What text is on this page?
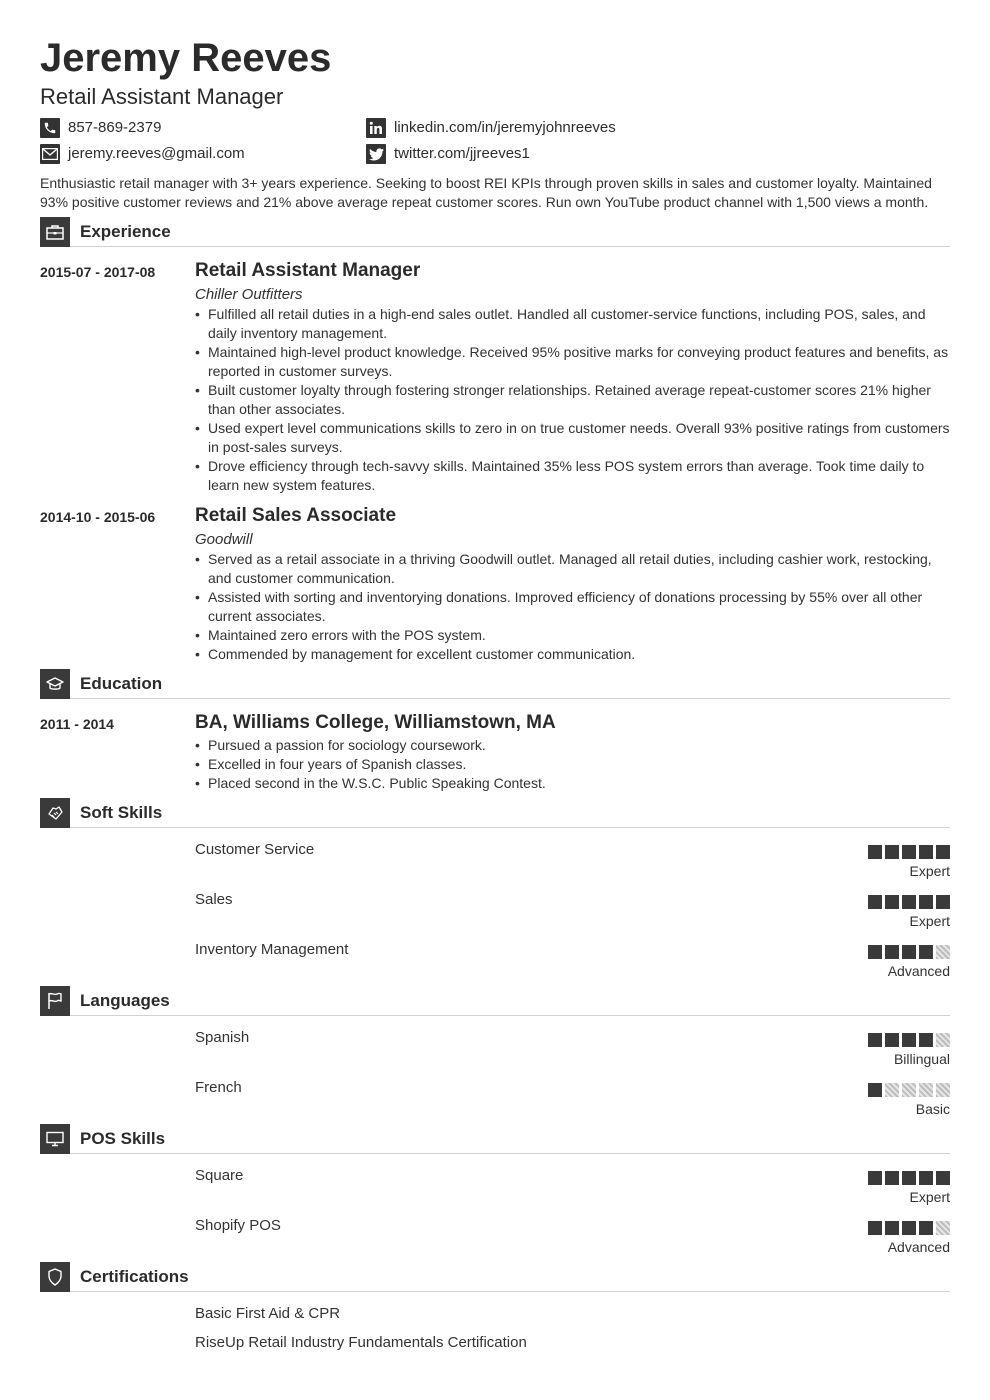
Jeremy Reeves
Retail Assistant Manager
857-869-2379
jeremy.reeves@gmail.com
linkedin.com/in/jeremyjohnreeves
twitter.com/jjreeves1
Enthusiastic retail manager with 3+ years experience. Seeking to boost REI KPIs through proven skills in sales and customer loyalty. Maintained 93% positive customer reviews and 21% above average repeat customer scores. Run own YouTube product channel with 1,500 views a month.
Experience
2015-07 - 2017-08 Retail Assistant Manager
Chiller Outfitters
• Fulfilled all retail duties in a high-end sales outlet. Handled all customer-service functions, including POS, sales, and daily inventory management.
• Maintained high-level product knowledge. Received 95% positive marks for conveying product features and benefits, as reported in customer surveys.
• Built customer loyalty through fostering stronger relationships. Retained average repeat-customer scores 21% higher than other associates.
• Used expert level communications skills to zero in on true customer needs. Overall 93% positive ratings from customers in post-sales surveys.
• Drove efficiency through tech-savvy skills. Maintained 35% less POS system errors than average. Took time daily to learn new system features.
2014-10 - 2015-06 Retail Sales Associate
Goodwill
• Served as a retail associate in a thriving Goodwill outlet. Managed all retail duties, including cashier work, restocking, and customer communication.
• Assisted with sorting and inventorying donations. Improved efficiency of donations processing by 55% over all other current associates.
• Maintained zero errors with the POS system.
• Commended by management for excellent customer communication.
Education
2011 - 2014	BA, Williams College, Williamstown, MA
• Pursued a passion for sociology coursework.
• Excelled in four years of Spanish classes.
• Placed second in the W.S.C. Public Speaking Contest.
Soft Skills
Customer Service
Expert
Sales
Expert
Inventory Management
Advanced
Languages
Spanish
Billingual
French
Basic
POS Skills
Square
Expert
Shopify POS
Advanced
Certifications
Basic First Aid & CPR
RiseUp Retail Industry Fundamentals Certification
